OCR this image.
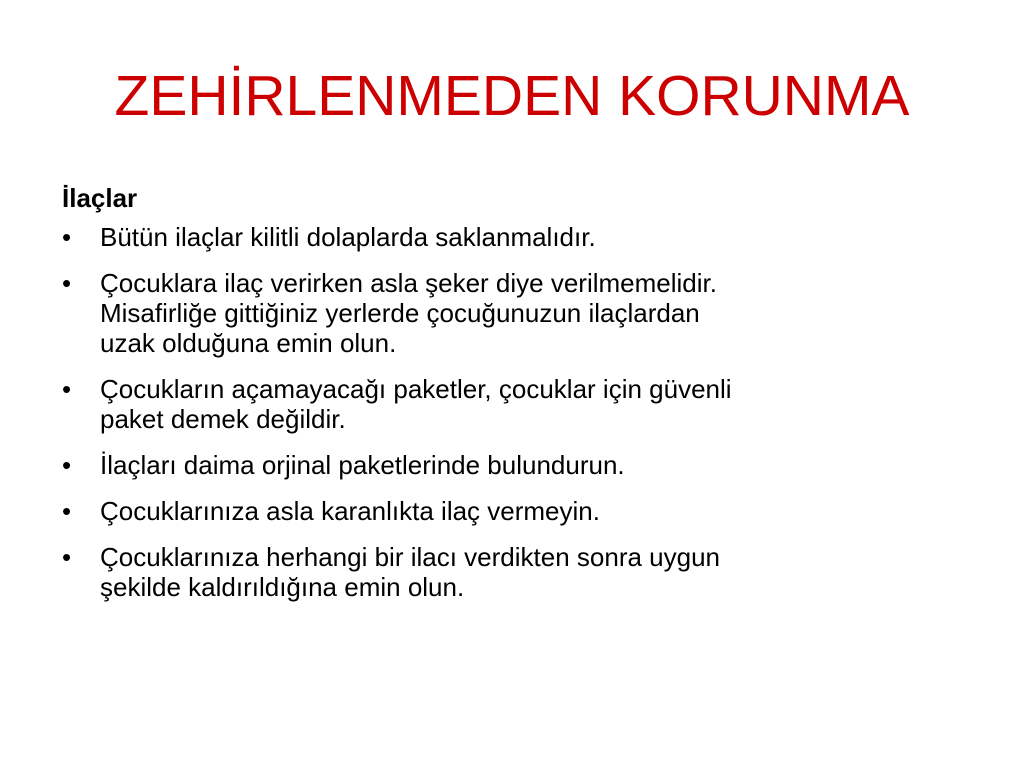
ZEHİRLENMEDEN KORUNMA
İlaçlar
• Bütün ilaçlar kilitli dolaplarda saklanmalıdır.
• Çocuklara ilaç verirken asla şeker diye verilmemelidir.
Misafirliğe gittiğiniz yerlerde çocuğunuzun ilaçlardan
uzak olduğuna emin olun.
• Çocukların açamayacağı paketler, çocuklar için güvenli
paket demek değildir.
• İlaçları daima orjinal paketlerinde bulundurun.
• Çocuklarınıza asla karanlıkta ilaç vermeyin.
• Çocuklarınıza herhangi bir ilacı verdikten sonra uygun
şekilde kaldırıldığına emin olun.
